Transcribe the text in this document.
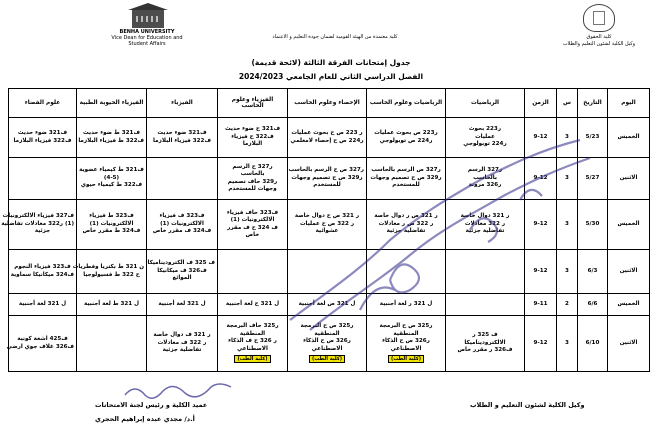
كلية الحقوق
وكيل الكلية لشئون التعليم والطلاب
كلية معتمدة من الهيئة القومية لضمان جودة التعليم و الاعتماد
BENHA UNIVERSITY
Vice Dean for Education and
Student Affairs
جدول إمتحانات الفرقة الثالثة (لائحة قديمة)
الفصل الدراسي الثاني للعام الجامعي 2024/2023
اليوم	التاريخ	س	الزمن	الرياضيات	الرياضيات وعلوم الحاسب	الإحصاء وعلوم الحاسب	الفيزياء وعلوم الحاسب	الفيزياء	الفيزياء الحيوية الطبية	علوم الفضاء
الخميس	5/23	3	9-12	ر223 بحوث
عمليات
ر224 توبولوجي	ر223 ص بحوث عمليات
ر224 ص توبولوجي	ر 223 ص ح بحوث عمليات
ر224 ص ح إحصاء لامعلمي	ف321 ح ضوء حديث
ف322 ح فيزياء
البلازما	ف321 ضوء حديث
ف322 فيزياء البلازما	ف321 ط ضوء حديث
ف322 ط فيزياء البلازما	ف321 ضوء حديث
ف322 فيزياء البلازما

الاثنين	5/27	3	9-12	ر327 الرسم
بالحاسب
ر326 مرونة	ر327 ص الرسم بالحاسب
ر329 ص ح تصميم وجهات
للمستخدم	ر327 ص ح الرسم بالحاسب
ر329 ص ح تصميم وجهات
للمستخدم	ر327 ح الرسم
بالحاسب
ر329 حاف تصميم
وجهات للمستخدم		ف321 ط كيمياء عضوية
(4-5)
ف322 ط كيمياء حيوي	

الخميس	5/30	3	9-12	ر 321 دوال خاصة
ر 322 معادلات
تفاضلية جزئية	ر 321 ص ر دوال خاصة
ر 322 ص ر معادلات
تفاضلية جزئية	ر 321 ص ح دوال خاصة
ر 322 ص ح عمليات
عشوائية	ف323 حاف فيزياء
الالكترونيات (1)
ف 324 ح ف مقرر
خاص	ف323 ف فيزياء
الالكترونيات (1)
ف324 ف مقرر خاص	ف323 ط فيزياء
الالكترونيات (1)
ف324 ط مقرر خاص	ف327 فيزياء الالكترونيات
(1) ر322 معادلات تفاضلية
جزئية

الاثنين	6/3	3	9-12					ف 325 ف الكتروديناميكا
ف326 ف ميكانيكا
الموائع	ن 321 ط بكتريا وفطريات
ح 322 ط فسيولوجيا	ف323 فيزياء النجوم
ف324 ميكانيكا سماوية

الخميس	6/6	2	9-11		ل 321 ر لغة أجنبية	ل 321 ص لغة أجنبية	ل 321 ح لغة أجنبية	ل 321 لغة أجنبية	ل 321 ط لغة أجنبية	ل 321 لغة أجنبية

الاثنين	6/10	3	9-12	ف 325 ر
الالكتروديناميكا
ف326 ر مقرر خاص	ر325 ص ح البرمجة
المنطقية
ر326 ص ح الذكاء
الاصطناعي
(كلية الطب)	ر325 ص ح البرمجة
المنطقية
ر326 ص ح الذكاء
الاصطناعي
(كلية الطب)	ر325 حاف البرمجة
المنطقية
ر 326 ح ف الذكاء
الاصطناعي
(كلية الطب)	ر 321 ف دوال خاصة
ر 322 ف معادلات
تفاضلية جزئية		ف425 اشعة كونية
ف326 غلاف جوي ارضي
وكيل الكلية لشئون التعليم و الطلاب
عميد الكلية و رئيس لجنة الامتحانات
أ.د/ مجدي عبده إبراهيم الحجري
